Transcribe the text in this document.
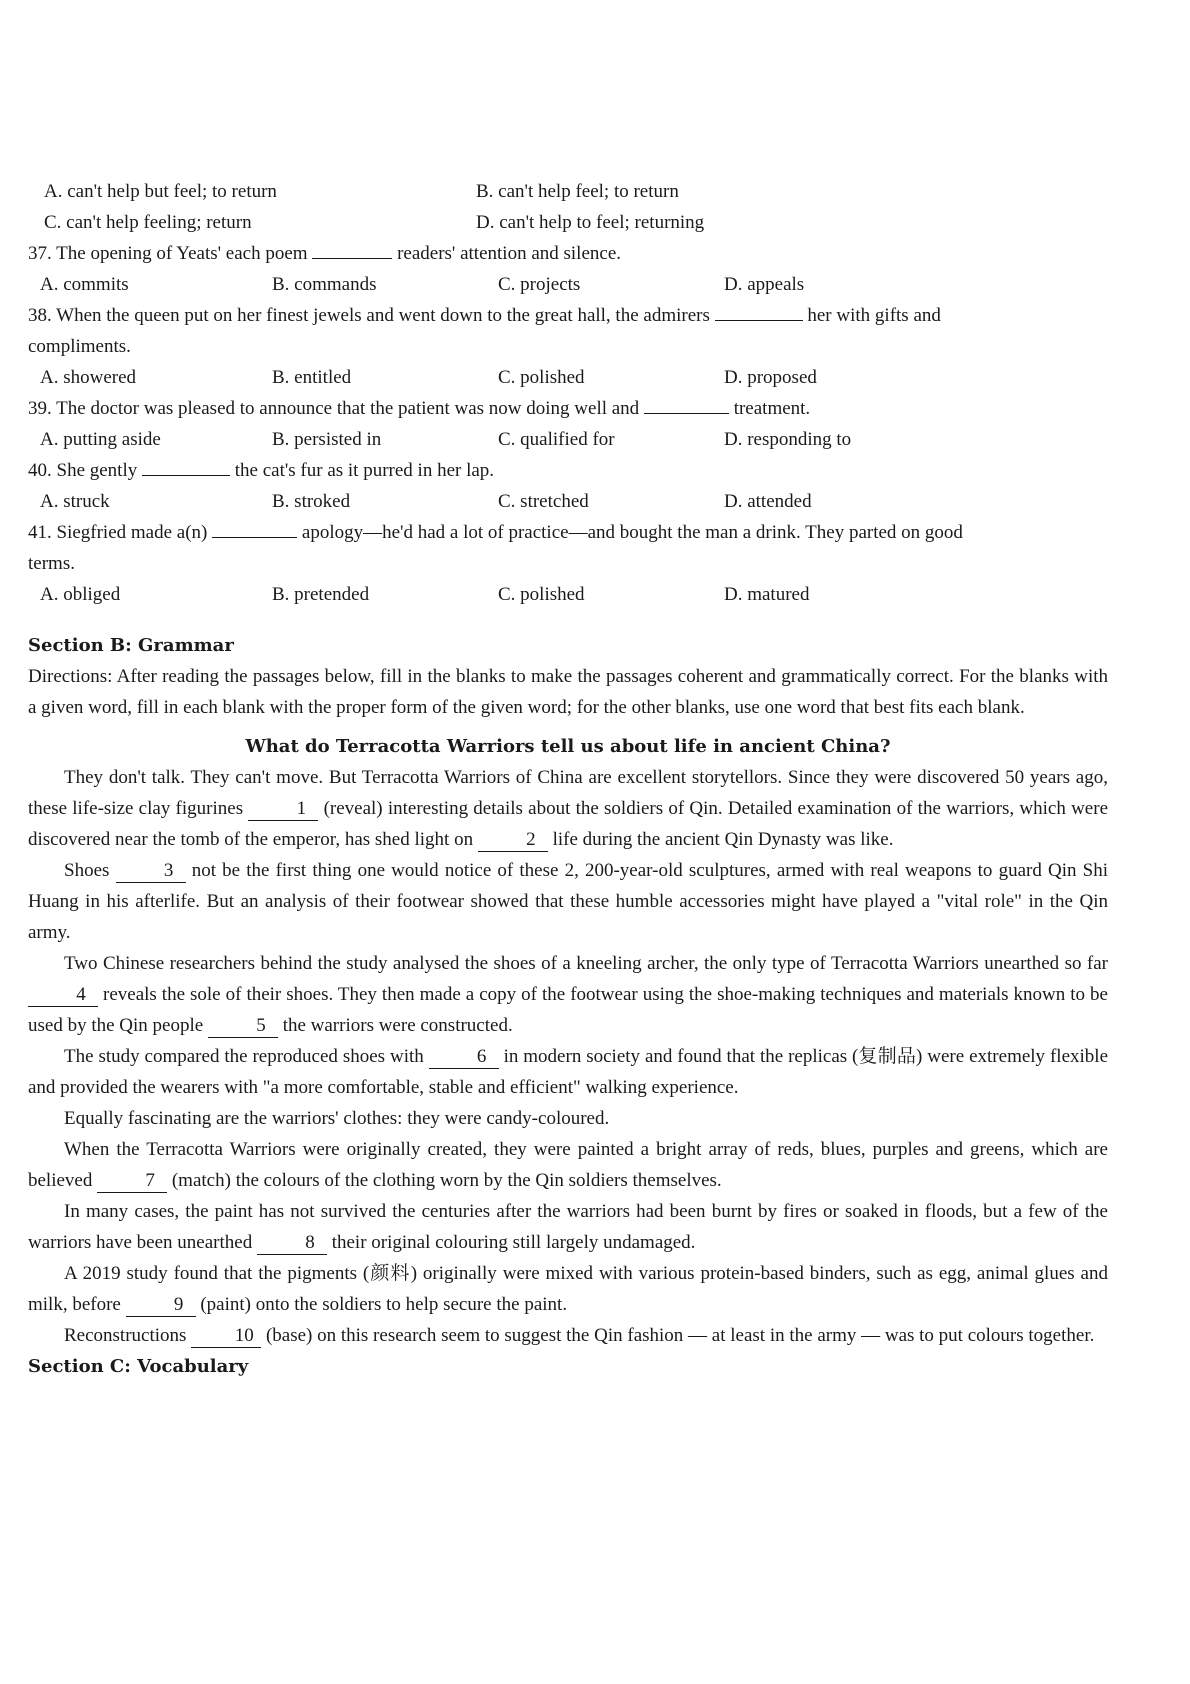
A. can't help but feel; to return	B. can't help feel; to return
C. can't help feeling; return	D. can't help to feel; returning
37. The opening of Yeats' each poem	readers' attention and silence.
A. commits	B. commands	C. projects	D. appeals
38. When the queen put on her finest jewels and went down to the great hall, the admirers	her with gifts and
compliments.
A. showered	B. entitled	C. polished	D. proposed
39. The doctor was pleased to announce that the patient was now doing well and	treatment.
A. putting aside	B. persisted in	C. qualified for	D. responding to
40. She gently	the cat's fur as it purred in her lap.
A. struck	B. stroked	C. stretched	D. attended
41. Siegfried made a(n)	apology—he'd had a lot of practice—and bought the man a drink. They parted on good
terms.
A. obliged	B. pretended	C. polished	D. matured
Section B: Grammar

Directions: After reading the passages below, fill in the blanks to make the passages coherent and grammatically correct. For the blanks with a given word, fill in each blank with the proper form of the given word; for the other blanks, use one word that best fits each blank.

What do Terracotta Warriors tell us about life in ancient China?

They don't talk. They can't move. But Terracotta Warriors of China are excellent storytellors. Since they were discovered 50 years ago, these life-size clay figurines	1 (reveal) interesting details about the soldiers of Qin. Detailed examination of the warriors, which were discovered near the tomb of the emperor, has shed light on	2 life during the ancient Qin Dynasty was like.

Shoes	3 not be the first thing one would notice of these 2, 200-year-old sculptures, armed with real weapons to guard Qin Shi Huang in his afterlife. But an analysis of their footwear showed that these humble accessories might have played a "vital role" in the Qin army.

Two Chinese researchers behind the study analysed the shoes of a kneeling archer, the only type of Terracotta Warriors unearthed so far 4 reveals the sole of their shoes. They then made a copy of the footwear using the shoe-making techniques and materials known to be used by the Qin people	5 the warriors were constructed.

The study compared the reproduced shoes with	6 in modern society and found that the replicas (复制品) were extremely flexible and provided the wearers with "a more comfortable, stable and efficient" walking experience.

Equally fascinating are the warriors' clothes: they were candy-coloured.

When the Terracotta Warriors were originally created, they were painted a bright array of reds, blues, purples and greens, which are believed	7 (match) the colours of the clothing worn by the Qin soldiers themselves.

In many cases, the paint has not survived the centuries after the warriors had been burnt by fires or soaked in floods, but a few of the warriors have been unearthed	8 their original colouring still largely undamaged.

A 2019 study found that the pigments (颜料) originally were mixed with various protein-based binders, such as egg, animal glues and milk, before	9 (paint) onto the soldiers to help secure the paint.

Reconstructions	10 (base) on this research seem to suggest the Qin fashion — at least in the army — was to put colours together.

Section C: Vocabulary
